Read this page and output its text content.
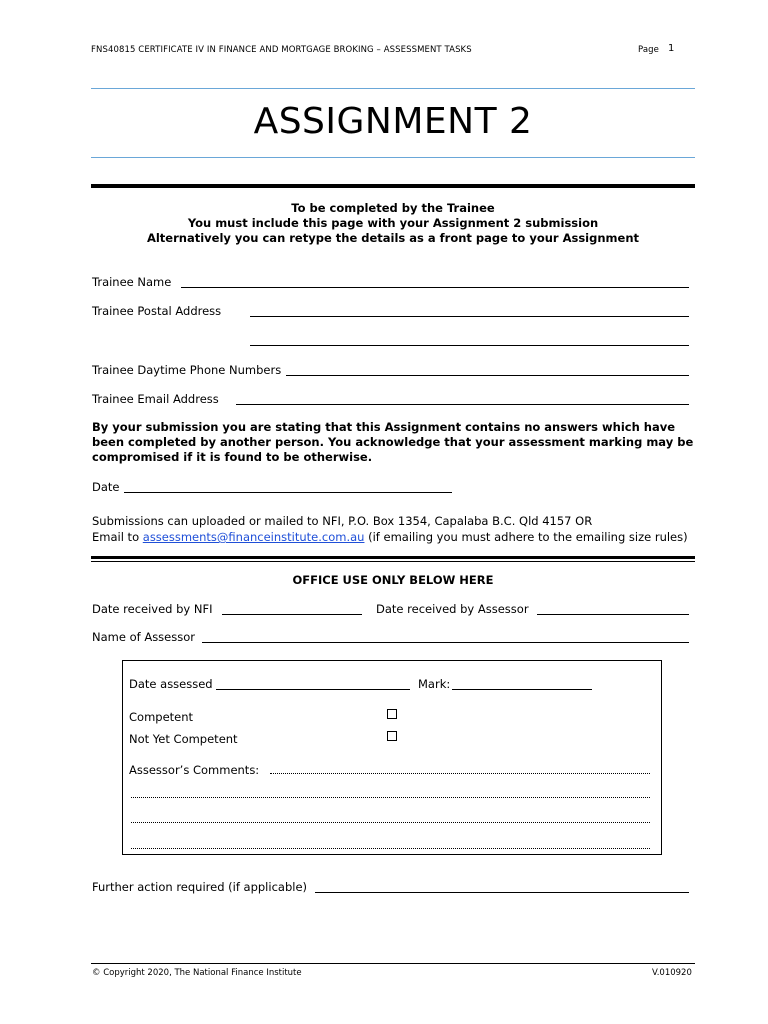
FNS40815 CERTIFICATE IV IN FINANCE AND MORTGAGE BROKING – ASSESSMENT TASKS	Page 1
ASSIGNMENT 2
To be completed by the Trainee
You must include this page with your Assignment 2 submission
Alternatively you can retype the details as a front page to your Assignment
Trainee Name
Trainee Postal Address
Trainee Daytime Phone Numbers
Trainee Email Address
By your submission you are stating that this Assignment contains no answers which have
been completed by another person. You acknowledge that your assessment marking may be
compromised if it is found to be otherwise.
Date
Submissions can uploaded or mailed to NFI, P.O. Box 1354, Capalaba B.C. Qld 4157 OR
Email to assessments@financeinstitute.com.au (if emailing you must adhere to the emailing size rules)
OFFICE USE ONLY BELOW HERE
Date received by NFI	Date received by Assessor
Name of Assessor
Date assessed	Mark:
Competent
Not Yet Competent
Assessor’s Comments:
Further action required (if applicable)
© Copyright 2020, The National Finance Institute	V.010920
